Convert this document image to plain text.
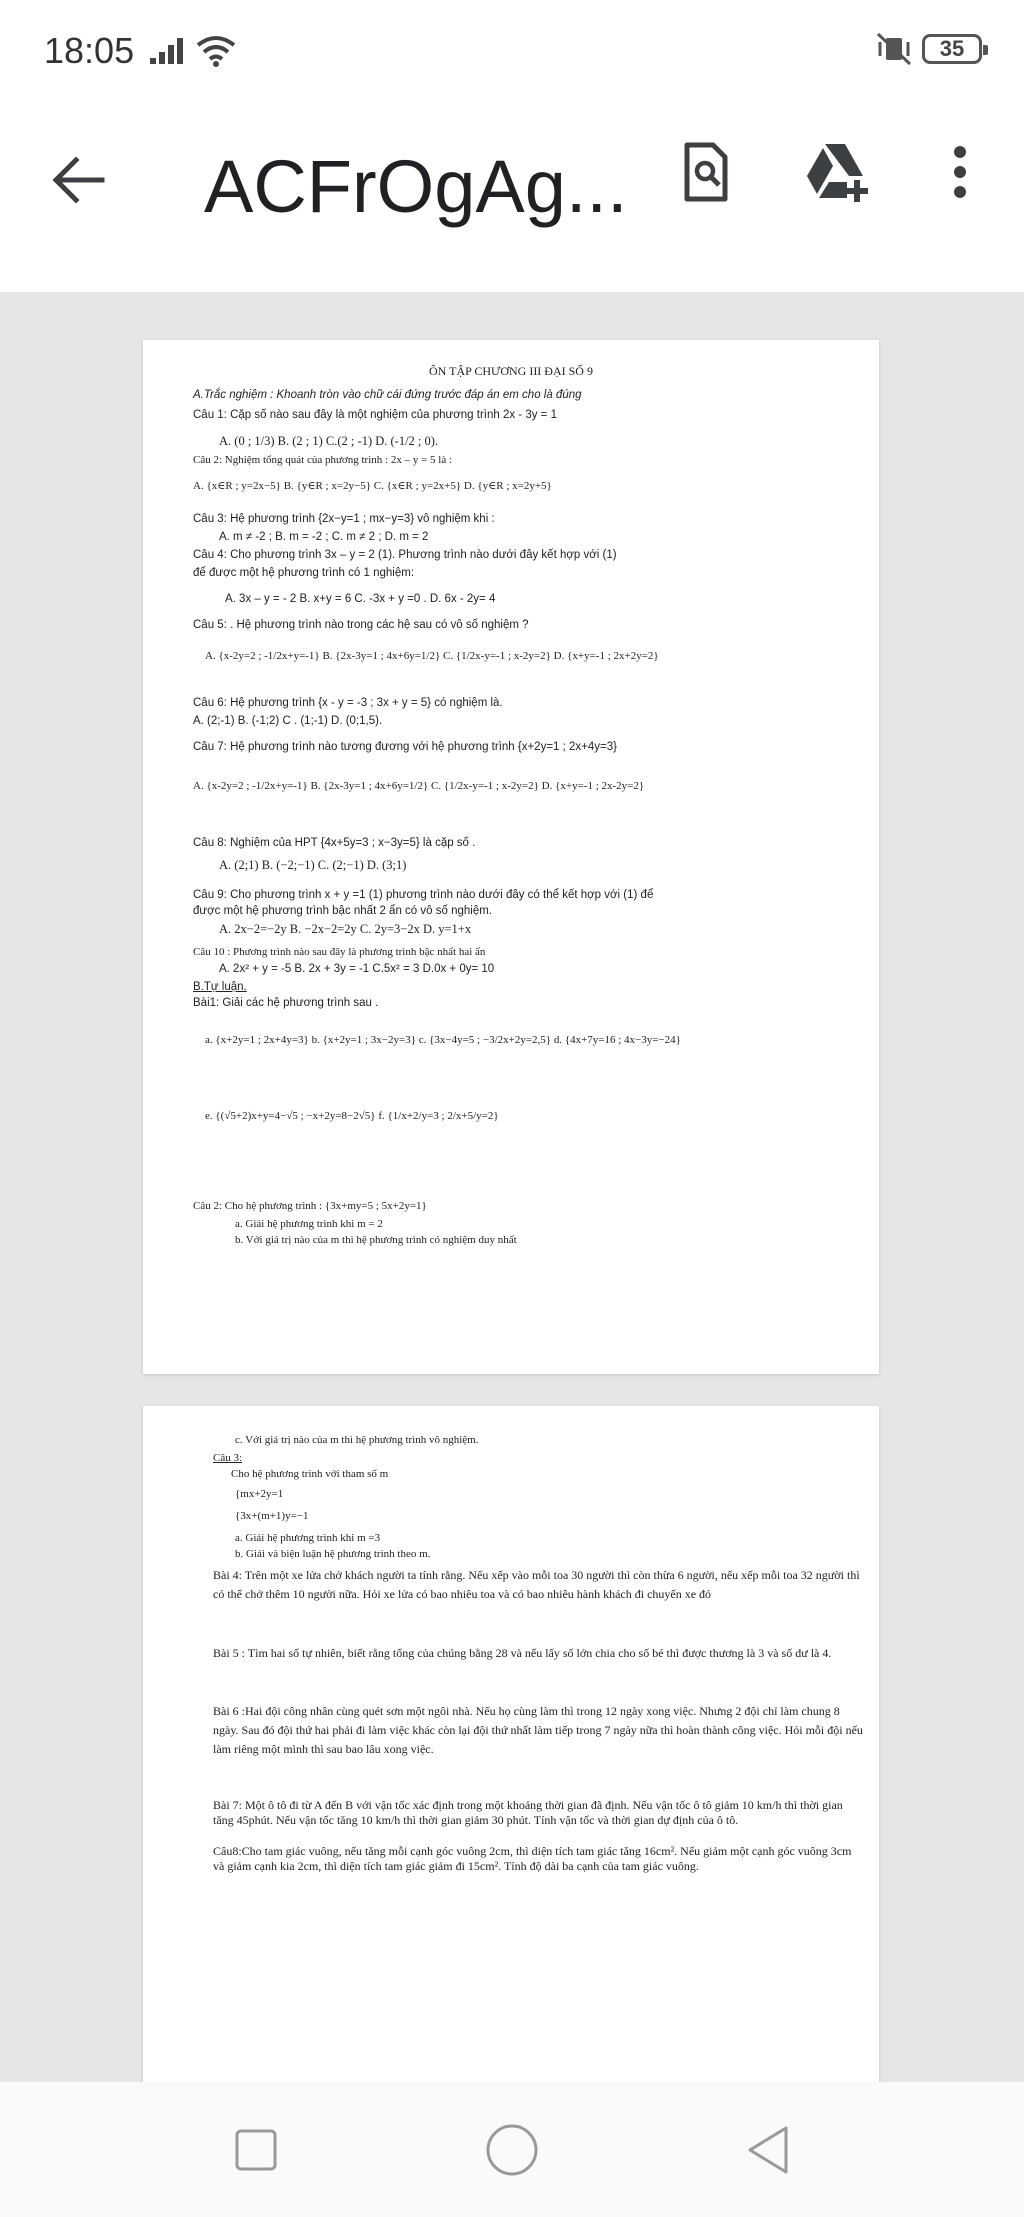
18:05	35
ACFrOgAg...
ÔN TẬP CHƯƠNG III ĐẠI SỐ 9
A.Trắc nghiệm : Khoanh tròn vào chữ cái đứng trước đáp án em cho là đúng
Câu 1: Cặp số nào sau đây là một nghiệm của phương trình 2x - 3y = 1
A. (0 ; 1/3) B. (2 ; 1) C.(2 ; -1) D. (-1/2 ; 0).
Câu 2: Nghiệm tổng quát của phương trình : 2x – y = 5 là :
A. {x∈R ; y=2x−5} B. {y∈R ; x=2y−5} C. {x∈R ; y=2x+5} D. {y∈R ; x=2y+5}
Câu 3: Hệ phương trình {2x−y=1 ; mx−y=3} vô nghiệm khi :
A. m ≠ -2 ; B. m = -2 ; C. m ≠ 2 ; D. m = 2
Câu 4: Cho phương trình 3x – y = 2 (1). Phương trình nào dưới đây kết hợp với (1)
để được một hệ phương trình có 1 nghiệm:
A. 3x – y = - 2 B. x+y = 6 C. -3x + y =0 . D. 6x - 2y= 4
Câu 5: . Hệ phương trình nào trong các hệ sau có vô số nghiệm ?
A. {x-2y=2 ; -1/2x+y=-1} B. {2x-3y=1 ; 4x+6y=1/2} C. {1/2x-y=-1 ; x-2y=2} D. {x+y=-1 ; 2x+2y=2}
Câu 6: Hệ phương trình {x - y = -3 ; 3x + y = 5} có nghiệm là.
A. (2;-1) B. (-1;2) C . (1;-1) D. (0;1,5).
Câu 7: Hệ phương trình nào tương đương với hệ phương trình {x+2y=1 ; 2x+4y=3}
A. {x-2y=2 ; -1/2x+y=-1} B. {2x-3y=1 ; 4x+6y=1/2} C. {1/2x-y=-1 ; x-2y=2} D. {x+y=-1 ; 2x-2y=2}
Câu 8: Nghiệm của HPT {4x+5y=3 ; x−3y=5} là cặp số .
A. (2;1) B. (−2;−1) C. (2;−1) D. (3;1)
Câu 9: Cho phương trình x + y =1 (1) phương trình nào dưới đây có thể kết hợp với (1) để
được một hệ phương trình bậc nhất 2 ẩn có vô số nghiệm.
A. 2x−2=−2y B. −2x−2=2y C. 2y=3−2x D. y=1+x
Câu 10 : Phương trình nào sau đây là phương trình bậc nhất hai ẩn
A. 2x² + y = -5 B. 2x + 3y = -1 C.5x² = 3 D.0x + 0y= 10
B.Tự luận.
Bài1: Giải các hệ phương trình sau .
a. {x+2y=1 ; 2x+4y=3} b. {x+2y=1 ; 3x−2y=3} c. {3x−4y=5 ; −3/2x+2y=2,5} d. {4x+7y=16 ; 4x−3y=−24}
e. {(√5+2)x+y=4−√5 ; −x+2y=8−2√5} f. {1/x+2/y=3 ; 2/x+5/y=2}
Câu 2: Cho hệ phương trình : {3x+my=5 ; 5x+2y=1}
a. Giải hệ phương trình khi m = 2
b. Với giá trị nào của m thì hệ phương trình có nghiệm duy nhất
c. Với giá trị nào của m thì hệ phương trình vô nghiệm.
Câu 3:
Cho hệ phương trình với tham số m
{mx+2y=1
{3x+(m+1)y=−1
a. Giải hệ phương trình khi m =3
b. Giải và biện luận hệ phương trình theo m.
Bài 4: Trên một xe lửa chở khách người ta tính rằng. Nếu xếp vào mỗi toa 30 người thì còn thừa 6 người, nếu xếp mỗi toa 32 người thì có thể chở thêm 10 người nữa. Hỏi xe lửa có bao nhiêu toa và có bao nhiêu hành khách đi chuyến xe đó
Bài 5 : Tìm hai số tự nhiên, biết rằng tổng của chúng bằng 28 và nếu lấy số lớn chia cho số bé thì được thương là 3 và số dư là 4.
Bài 6 :Hai đội công nhân cùng quét sơn một ngôi nhà. Nếu họ cùng làm thì trong 12 ngày xong việc. Nhưng 2 đội chỉ làm chung 8 ngày. Sau đó đội thứ hai phải đi làm việc khác còn lại đội thứ nhất làm tiếp trong 7 ngày nữa thì hoàn thành công việc. Hỏi mỗi đội nếu làm riêng một mình thì sau bao lâu xong việc.
Bài 7: Một ô tô đi từ A đến B với vận tốc xác định trong một khoảng thời gian đã định. Nếu vận tốc ô tô giảm 10 km/h thì thời gian tăng 45phút. Nếu vận tốc tăng 10 km/h thì thời gian giảm 30 phút. Tính vận tốc và thời gian dự định của ô tô.
Câu8:Cho tam giác vuông, nếu tăng mỗi cạnh góc vuông 2cm, thì diện tích tam giác tăng 16cm². Nếu giảm một cạnh góc vuông 3cm và giảm cạnh kia 2cm, thì diện tích tam giác giảm đi 15cm². Tính độ dài ba cạnh của tam giác vuông.
